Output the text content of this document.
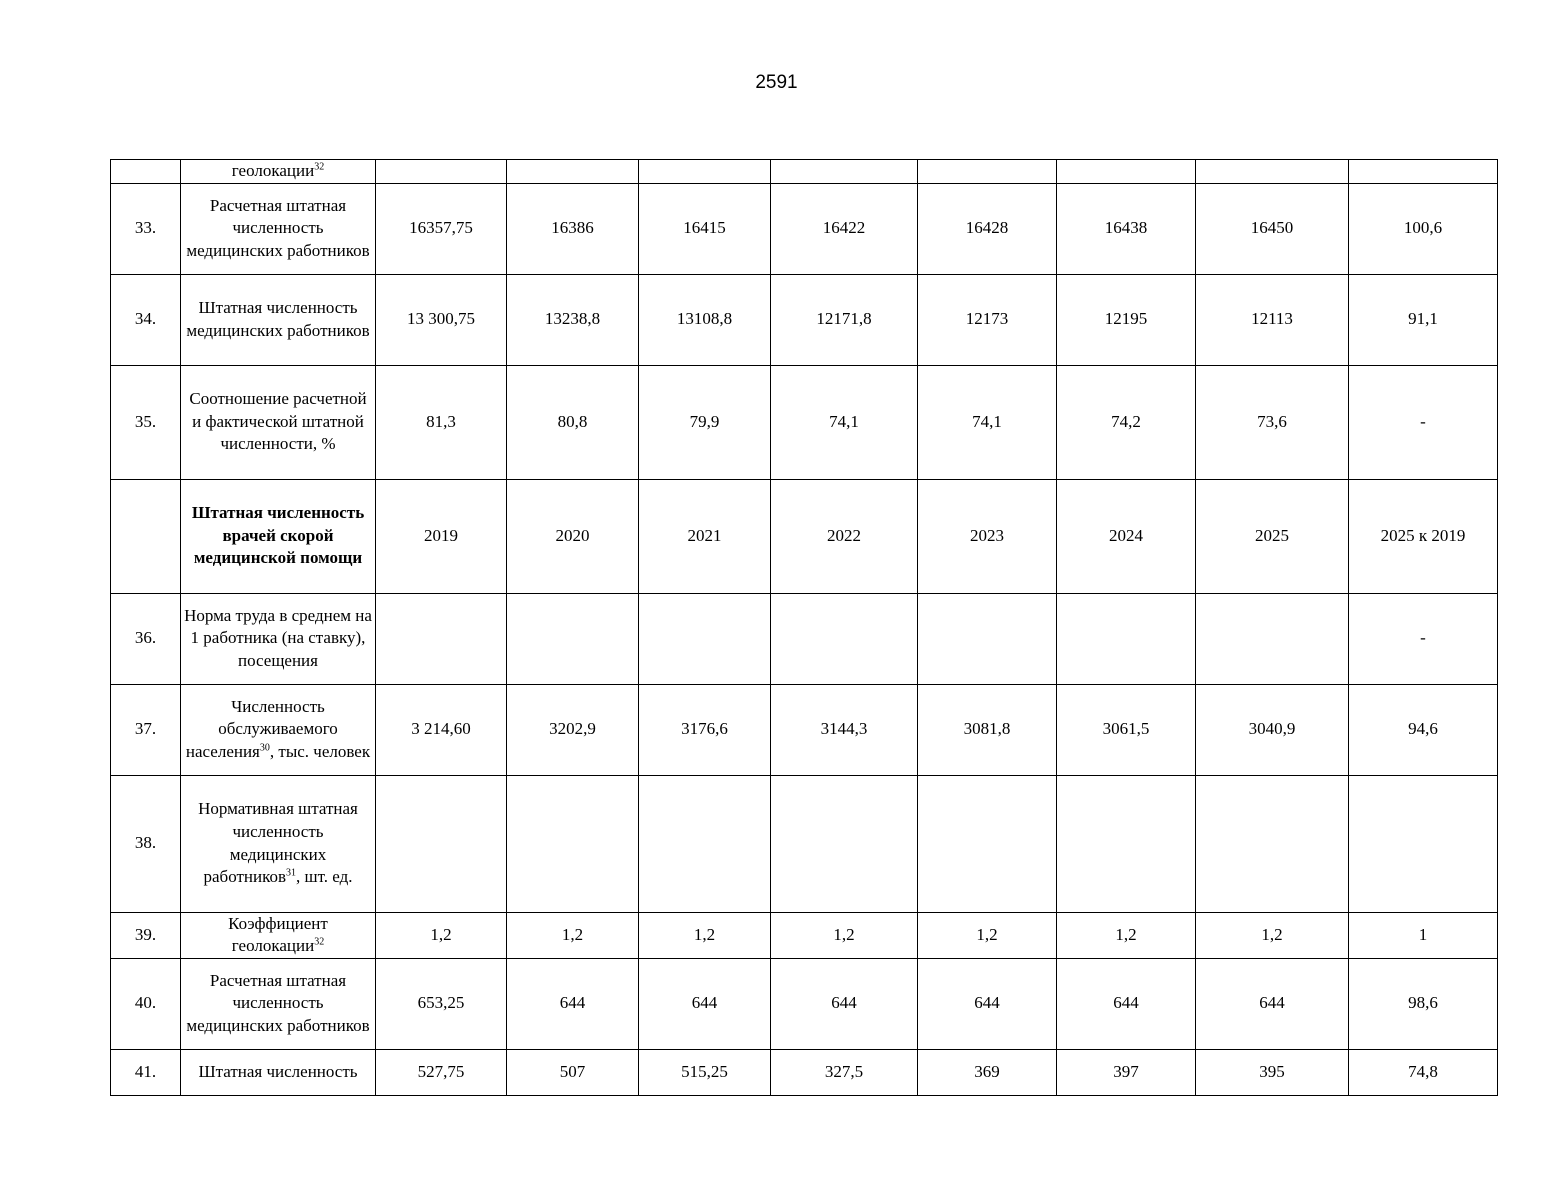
2591
	геолокации$^{32}$								
33.	Расчетная штатная численность медицинских работников	16357,75	16386	16415	16422	16428	16438	16450	100,6
34.	Штатная численность медицинских работников	13 300,75	13238,8	13108,8	12171,8	12173	12195	12113	91,1
35.	Соотношение расчетной и фактической штатной численности, %	81,3	80,8	79,9	74,1	74,1	74,2	73,6	-
	Штатная численность врачей скорой медицинской помощи	2019	2020	2021	2022	2023	2024	2025	2025 к 2019
36.	Норма труда в среднем на 1 работника (на ставку), посещения								-
37.	Численность обслуживаемого населения$^{30}$, тыс. человек	3 214,60	3202,9	3176,6	3144,3	3081,8	3061,5	3040,9	94,6
38.	Нормативная штатная численность медицинских работников$^{31}$, шт. ед.								
39.	Коэффициент геолокации$^{32}$	1,2	1,2	1,2	1,2	1,2	1,2	1,2	1
40.	Расчетная штатная численность медицинских работников	653,25	644	644	644	644	644	644	98,6
41.	Штатная численность	527,75	507	515,25	327,5	369	397	395	74,8
